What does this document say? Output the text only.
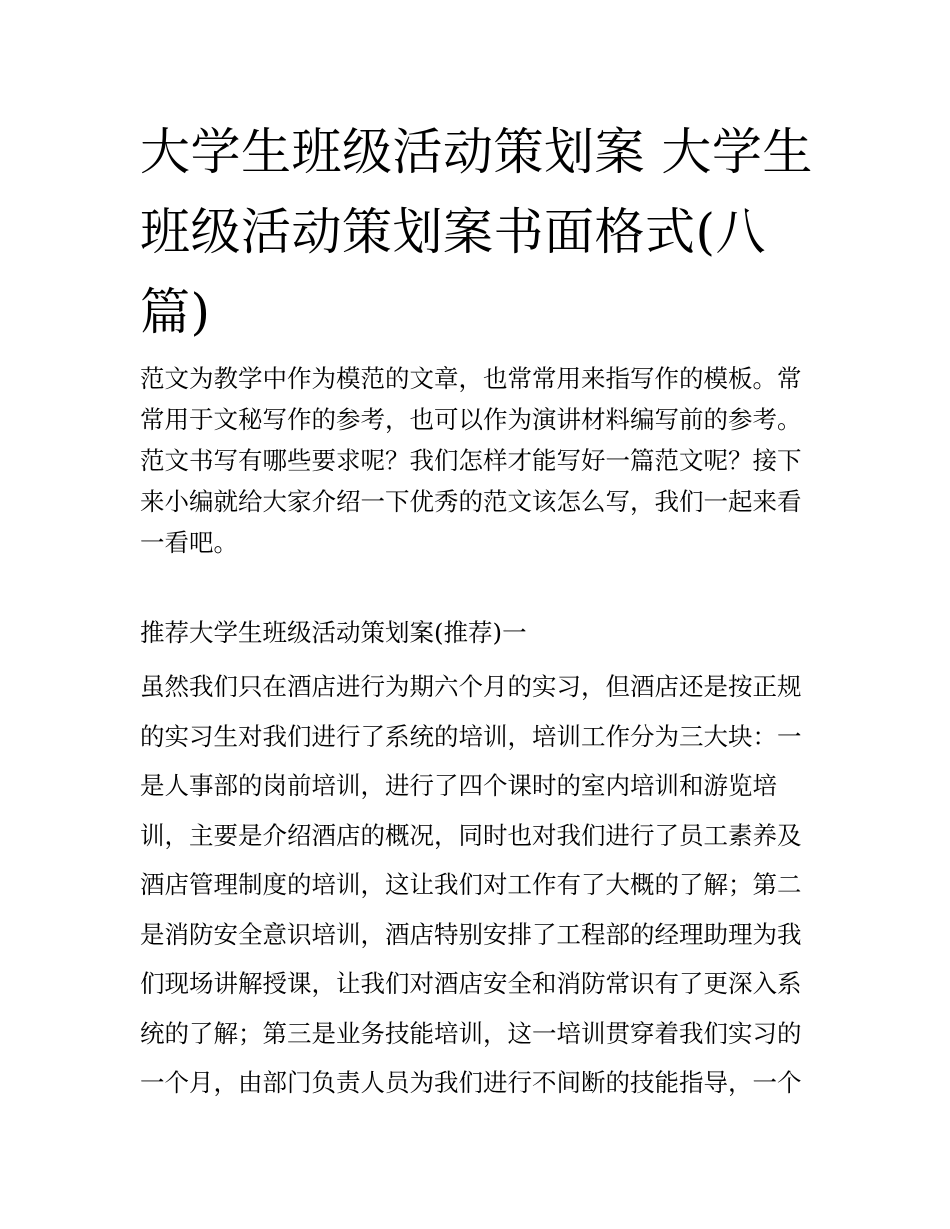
大学生班级活动策划案 大学生班级活动策划案书面格式(八篇)

范文为教学中作为模范的文章，也常常用来指写作的模板。常常用于文秘写作的参考，也可以作为演讲材料编写前的参考。范文书写有哪些要求呢？我们怎样才能写好一篇范文呢？接下来小编就给大家介绍一下优秀的范文该怎么写，我们一起来看一看吧。

推荐大学生班级活动策划案(推荐)一

虽然我们只在酒店进行为期六个月的实习，但酒店还是按正规的实习生对我们进行了系统的培训，培训工作分为三大块：一是人事部的岗前培训，进行了四个课时的室内培训和游览培训，主要是介绍酒店的概况，同时也对我们进行了员工素养及酒店管理制度的培训，这让我们对工作有了大概的了解；第二是消防安全意识培训，酒店特别安排了工程部的经理助理为我们现场讲解授课，让我们对酒店安全和消防常识有了更深入系统的了解；第三是业务技能培训，这一培训贯穿着我们实习的一个月，由部门负责人员为我们进行不间断的技能指导，一个
